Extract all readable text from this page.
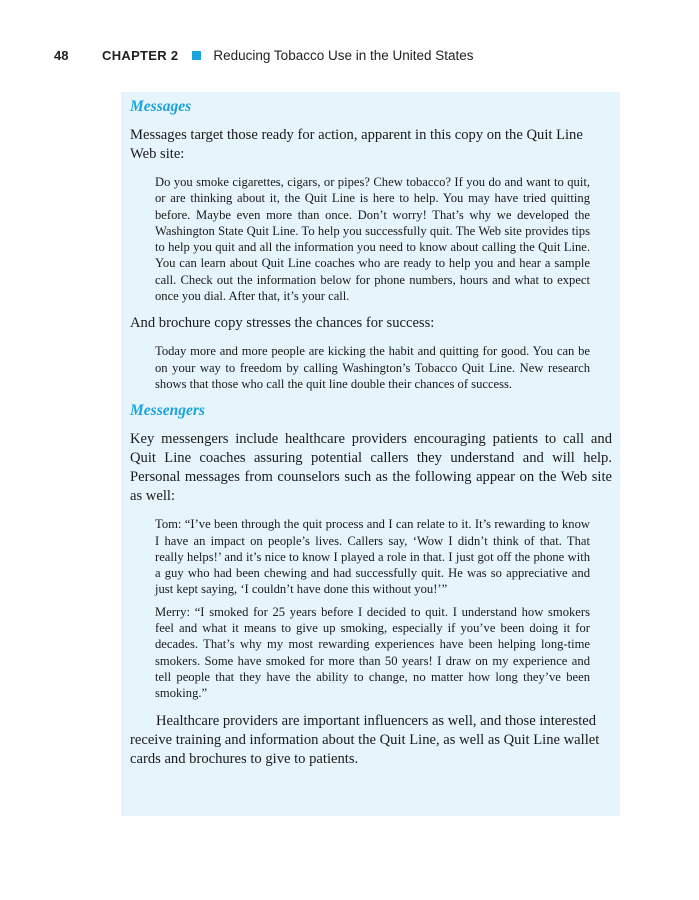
48	CHAPTER 2	Reducing Tobacco Use in the United States
Messages

Messages target those ready for action, apparent in this copy on the Quit Line Web site:

Do you smoke cigarettes, cigars, or pipes? Chew tobacco? If you do and want to quit, or are thinking about it, the Quit Line is here to help. You may have tried quitting before. Maybe even more than once. Don’t worry! That’s why we developed the Washington State Quit Line. To help you successfully quit. The Web site provides tips to help you quit and all the information you need to know about calling the Quit Line. You can learn about Quit Line coaches who are ready to help you and hear a sample call. Check out the information below for phone numbers, hours and what to expect once you dial. After that, it’s your call.

And brochure copy stresses the chances for success:

Today more and more people are kicking the habit and quitting for good. You can be on your way to freedom by calling Washington’s Tobacco Quit Line. New research shows that those who call the quit line double their chances of success.

Messengers

Key messengers include healthcare providers encouraging patients to call and Quit Line coaches assuring potential callers they understand and will help. Personal messages from counselors such as the following appear on the Web site as well:

Tom: “I’ve been through the quit process and I can relate to it. It’s rewarding to know I have an impact on people’s lives. Callers say, ‘Wow I didn’t think of that. That really helps!’ and it’s nice to know I played a role in that. I just got off the phone with a guy who had been chewing and had successfully quit. He was so appreciative and just kept saying, ‘I couldn’t have done this without you!’”

Merry: “I smoked for 25 years before I decided to quit. I understand how smokers feel and what it means to give up smoking, especially if you’ve been doing it for decades. That’s why my most rewarding experiences have been helping long-time smokers. Some have smoked for more than 50 years! I draw on my experience and tell people that they have the ability to change, no matter how long they’ve been smoking.”

Healthcare providers are important influencers as well, and those interested receive training and information about the Quit Line, as well as Quit Line wallet cards and brochures to give to patients.
